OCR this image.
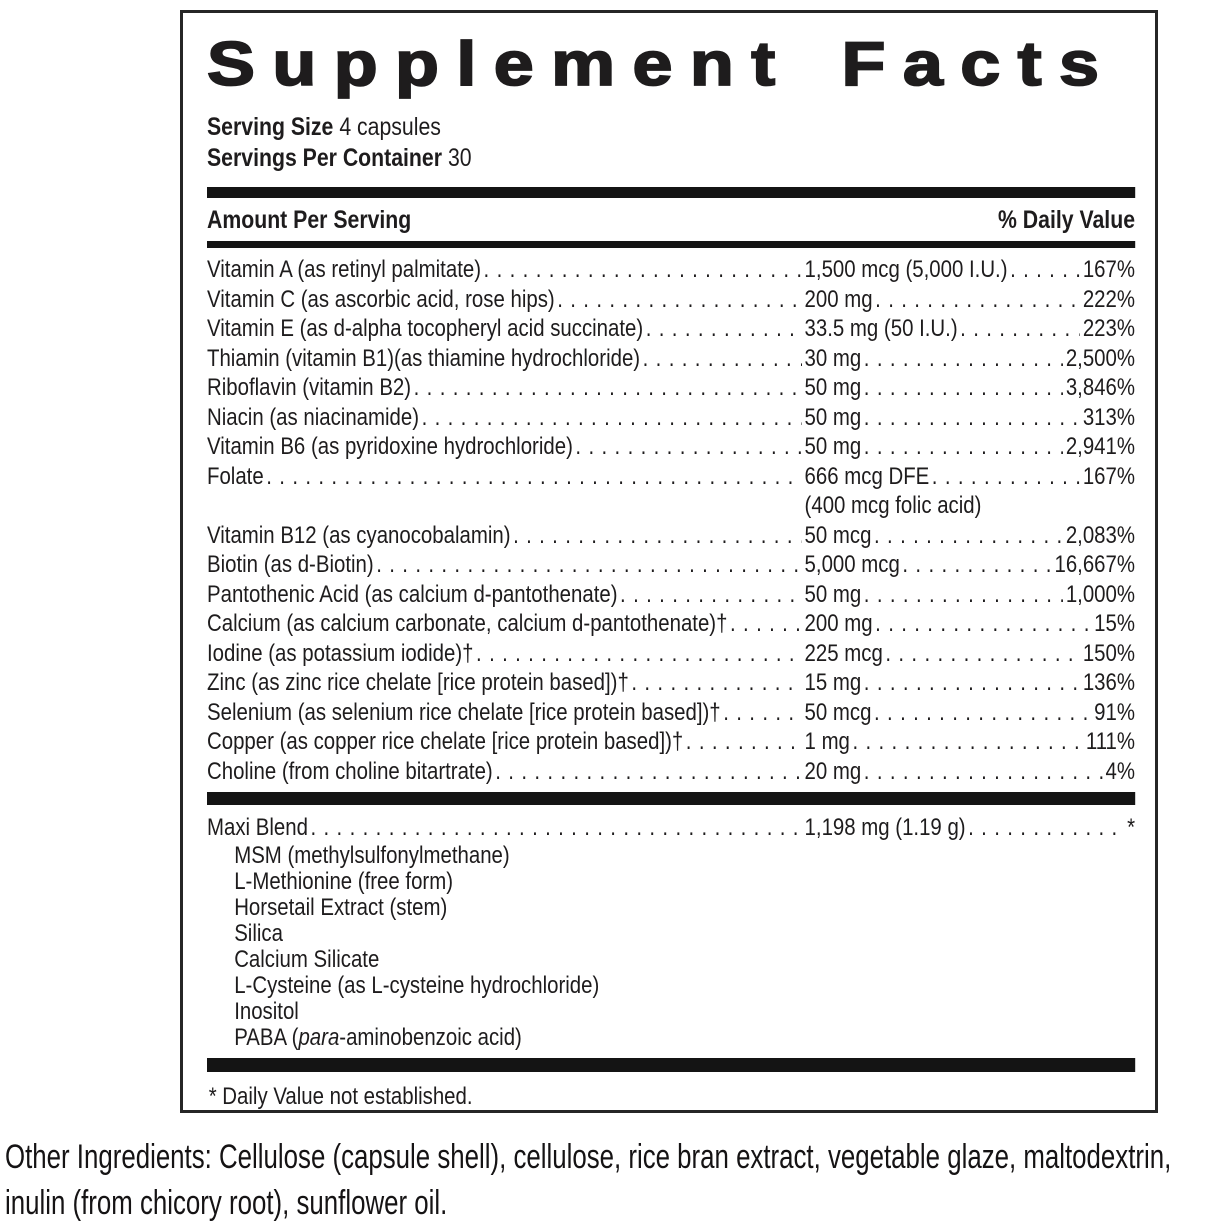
Supplement Facts
Serving Size 4 capsules
Servings Per Container 30
Amount Per Serving	% Daily Value
Vitamin A (as retinyl palmitate) . . .	1,500 mcg (5,000 I.U.) . . .	167%
Vitamin C (as ascorbic acid, rose hips) . . .	200 mg . . .	222%
Vitamin E (as d-alpha tocopheryl acid succinate) . . .	33.5 mg (50 I.U.) . . .	223%
Thiamin (vitamin B1)(as thiamine hydrochloride) . . .	30 mg . . .	2,500%
Riboflavin (vitamin B2) . . .	50 mg . . .	3,846%
Niacin (as niacinamide) . . .	50 mg . . .	313%
Vitamin B6 (as pyridoxine hydrochloride) . . .	50 mg . . .	2,941%
Folate . . .	666 mcg DFE . . .	167%
(400 mcg folic acid)
Vitamin B12 (as cyanocobalamin) . . .	50 mcg . . .	2,083%
Biotin (as d-Biotin) . . .	5,000 mcg . . .	16,667%
Pantothenic Acid (as calcium d-pantothenate) . . .	50 mg . . .	1,000%
Calcium (as calcium carbonate, calcium d-pantothenate)† . . .	200 mg . . .	15%
Iodine (as potassium iodide)† . . .	225 mcg . . .	150%
Zinc (as zinc rice chelate [rice protein based])† . . .	15 mg . . .	136%
Selenium (as selenium rice chelate [rice protein based])† . . .	50 mcg . . .	91%
Copper (as copper rice chelate [rice protein based])† . . .	1 mg . . .	111%
Choline (from choline bitartrate) . . .	20 mg . . .	4%
Maxi Blend . . .	1,198 mg (1.19 g) . . .	*
MSM (methylsulfonylmethane)
L-Methionine (free form)
Horsetail Extract (stem)
Silica
Calcium Silicate
L-Cysteine (as L-cysteine hydrochloride)
Inositol
PABA (para-aminobenzoic acid)
* Daily Value not established.
Other Ingredients: Cellulose (capsule shell), cellulose, rice bran extract, vegetable glaze, maltodextrin, inulin (from chicory root), sunflower oil.
